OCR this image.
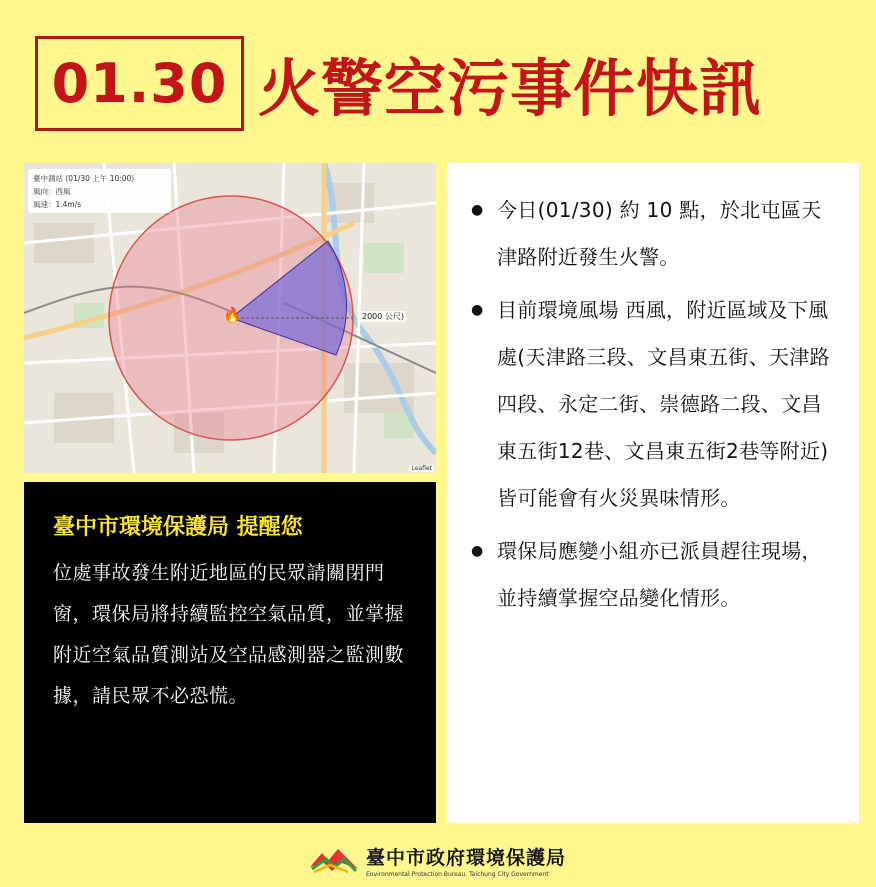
01.30 火警空污事件快訊
臺中測站 (01/30 上午 10:00)
風向：西風
風速：1.4m/s
2000 公尺)
🔥
Leaflet
臺中市環境保護局 提醒您
位處事故發生附近地區的民眾請關閉門窗，環保局將持續監控空氣品質，並掌握附近空氣品質測站及空品感測器之監測數據，請民眾不必恐慌。
● 今日(01/30) 約 10 點，於北屯區天津路附近發生火警。
● 目前環境風場 西風，附近區域及下風處(天津路三段、文昌東五街、天津路四段、永定二街、崇德路二段、文昌東五街12巷、文昌東五街2巷等附近)皆可能會有火災異味情形。
● 環保局應變小組亦已派員趕往現場，並持續掌握空品變化情形。
臺中市政府環境保護局
Environmental Protection Bureau, Taichung City Government
